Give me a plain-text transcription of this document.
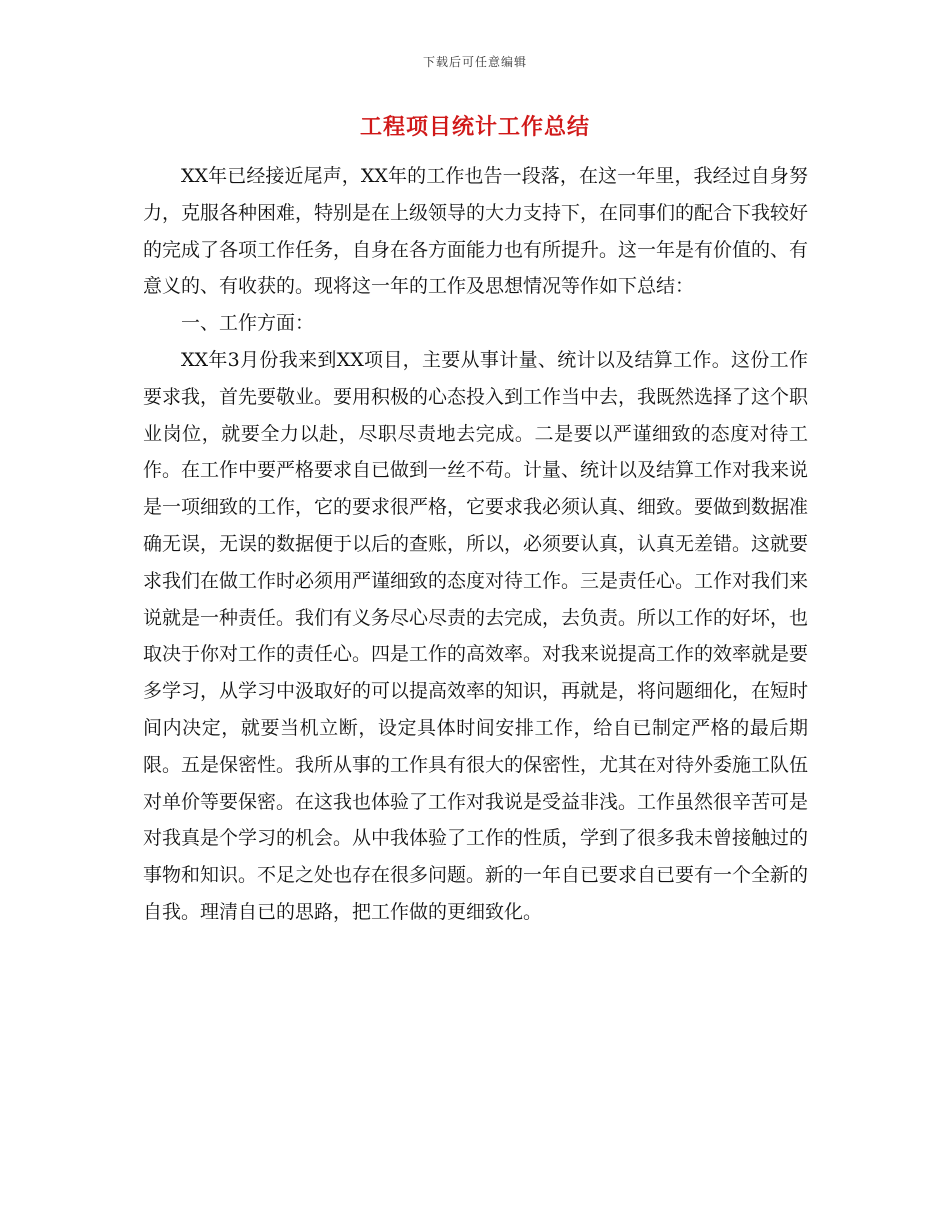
下载后可任意编辑
工程项目统计工作总结

XX年已经接近尾声，XX年的工作也告一段落，在这一年里，我经过自身努力，克服各种困难，特别是在上级领导的大力支持下，在同事们的配合下我较好的完成了各项工作任务，自身在各方面能力也有所提升。这一年是有价值的、有意义的、有收获的。现将这一年的工作及思想情况等作如下总结：

一、工作方面：

XX年3月份我来到XX项目，主要从事计量、统计以及结算工作。这份工作要求我，首先要敬业。要用积极的心态投入到工作当中去，我既然选择了这个职业岗位，就要全力以赴，尽职尽责地去完成。二是要以严谨细致的态度对待工作。在工作中要严格要求自已做到一丝不苟。计量、统计以及结算工作对我来说是一项细致的工作，它的要求很严格，它要求我必须认真、细致。要做到数据准确无误，无误的数据便于以后的查账，所以，必须要认真，认真无差错。这就要求我们在做工作时必须用严谨细致的态度对待工作。三是责任心。工作对我们来说就是一种责任。我们有义务尽心尽责的去完成，去负责。所以工作的好坏，也取决于你对工作的责任心。四是工作的高效率。对我来说提高工作的效率就是要多学习，从学习中汲取好的可以提高效率的知识，再就是，将问题细化，在短时间内决定，就要当机立断，设定具体时间安排工作，给自已制定严格的最后期限。五是保密性。我所从事的工作具有很大的保密性，尤其在对待外委施工队伍对单价等要保密。在这我也体验了工作对我说是受益非浅。工作虽然很辛苦可是对我真是个学习的机会。从中我体验了工作的性质，学到了很多我未曾接触过的事物和知识。不足之处也存在很多问题。新的一年自已要求自已要有一个全新的自我。理清自已的思路，把工作做的更细致化。
